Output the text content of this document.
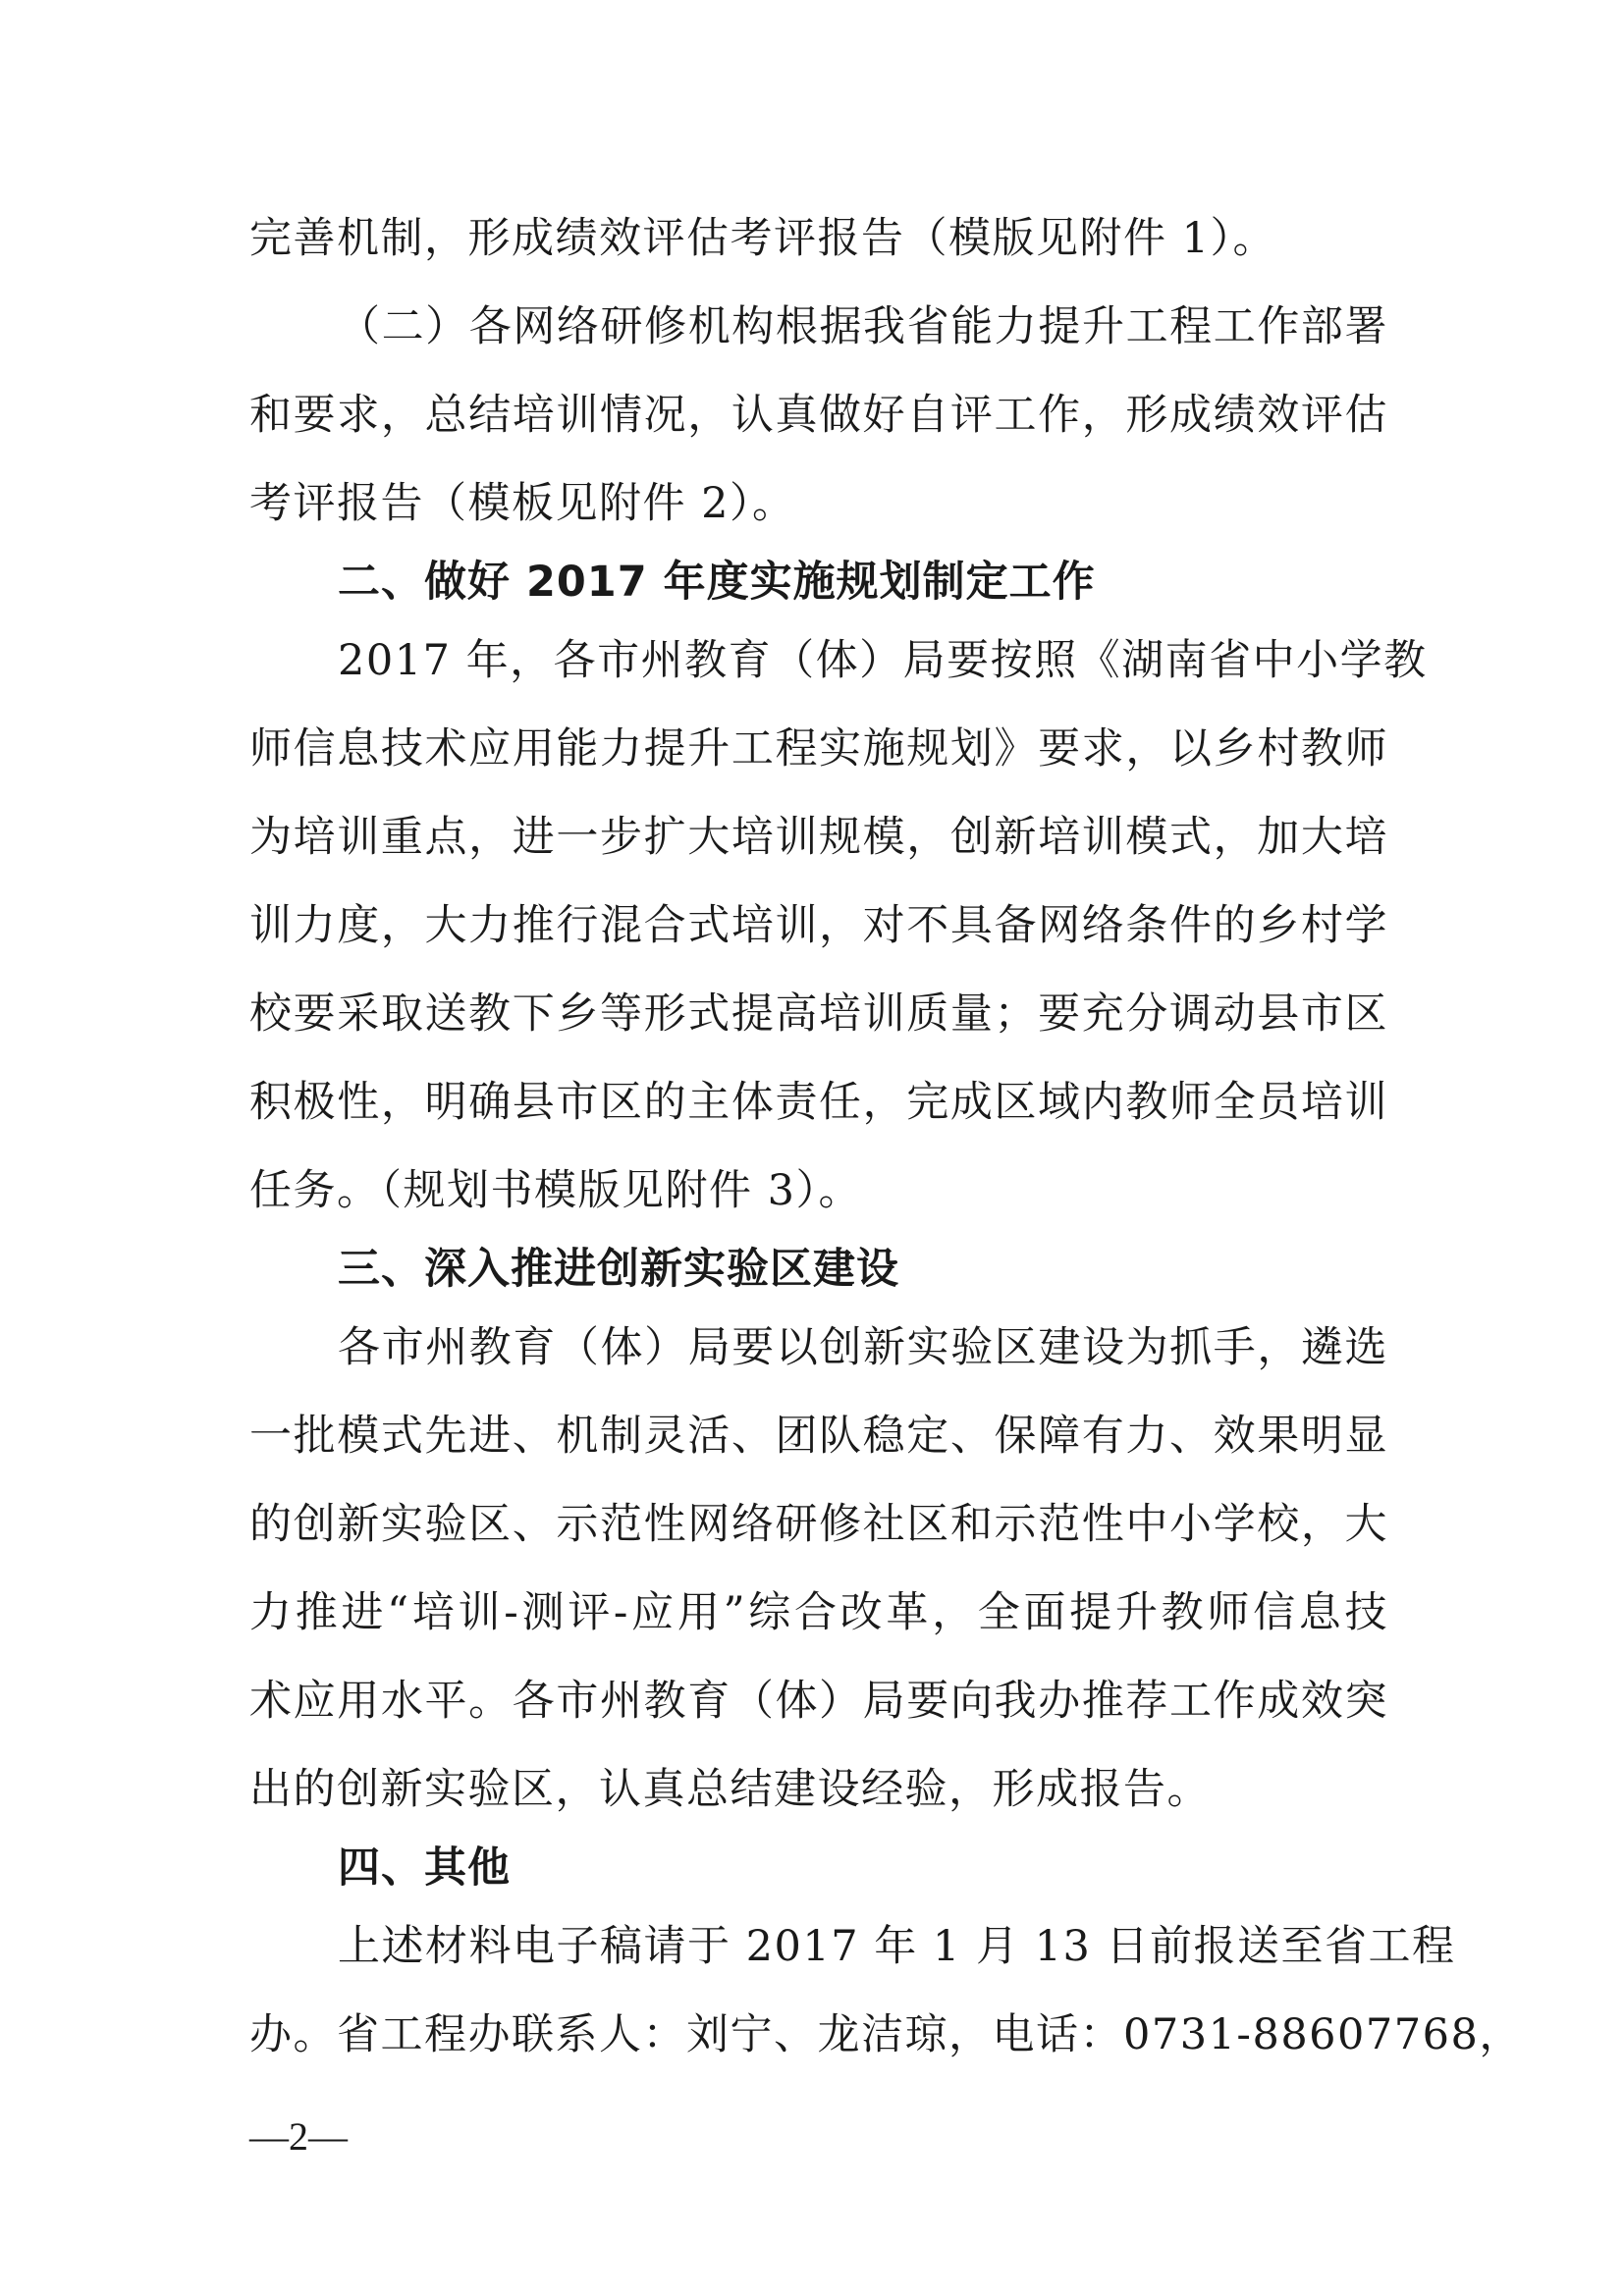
完善机制，形成绩效评估考评报告（模版见附件 1）。
（二）各网络研修机构根据我省能力提升工程工作部署
和要求，总结培训情况，认真做好自评工作，形成绩效评估
考评报告（模板见附件 2）。
二、做好 2017 年度实施规划制定工作
2017 年，各市州教育（体）局要按照《湖南省中小学教
师信息技术应用能力提升工程实施规划》要求，以乡村教师
为培训重点，进一步扩大培训规模，创新培训模式，加大培
训力度，大力推行混合式培训，对不具备网络条件的乡村学
校要采取送教下乡等形式提高培训质量；要充分调动县市区
积极性，明确县市区的主体责任，完成区域内教师全员培训
任务。（规划书模版见附件 3）。
三、深入推进创新实验区建设
各市州教育（体）局要以创新实验区建设为抓手，遴选
一批模式先进、机制灵活、团队稳定、保障有力、效果明显
的创新实验区、示范性网络研修社区和示范性中小学校，大
力推进“培训-测评-应用”综合改革，全面提升教师信息技
术应用水平。各市州教育（体）局要向我办推荐工作成效突
出的创新实验区，认真总结建设经验，形成报告。
四、其他
上述材料电子稿请于 2017 年 1 月 13 日前报送至省工程
办。省工程办联系人：刘宁、龙洁琼，电话：0731-88607768，
—2—
